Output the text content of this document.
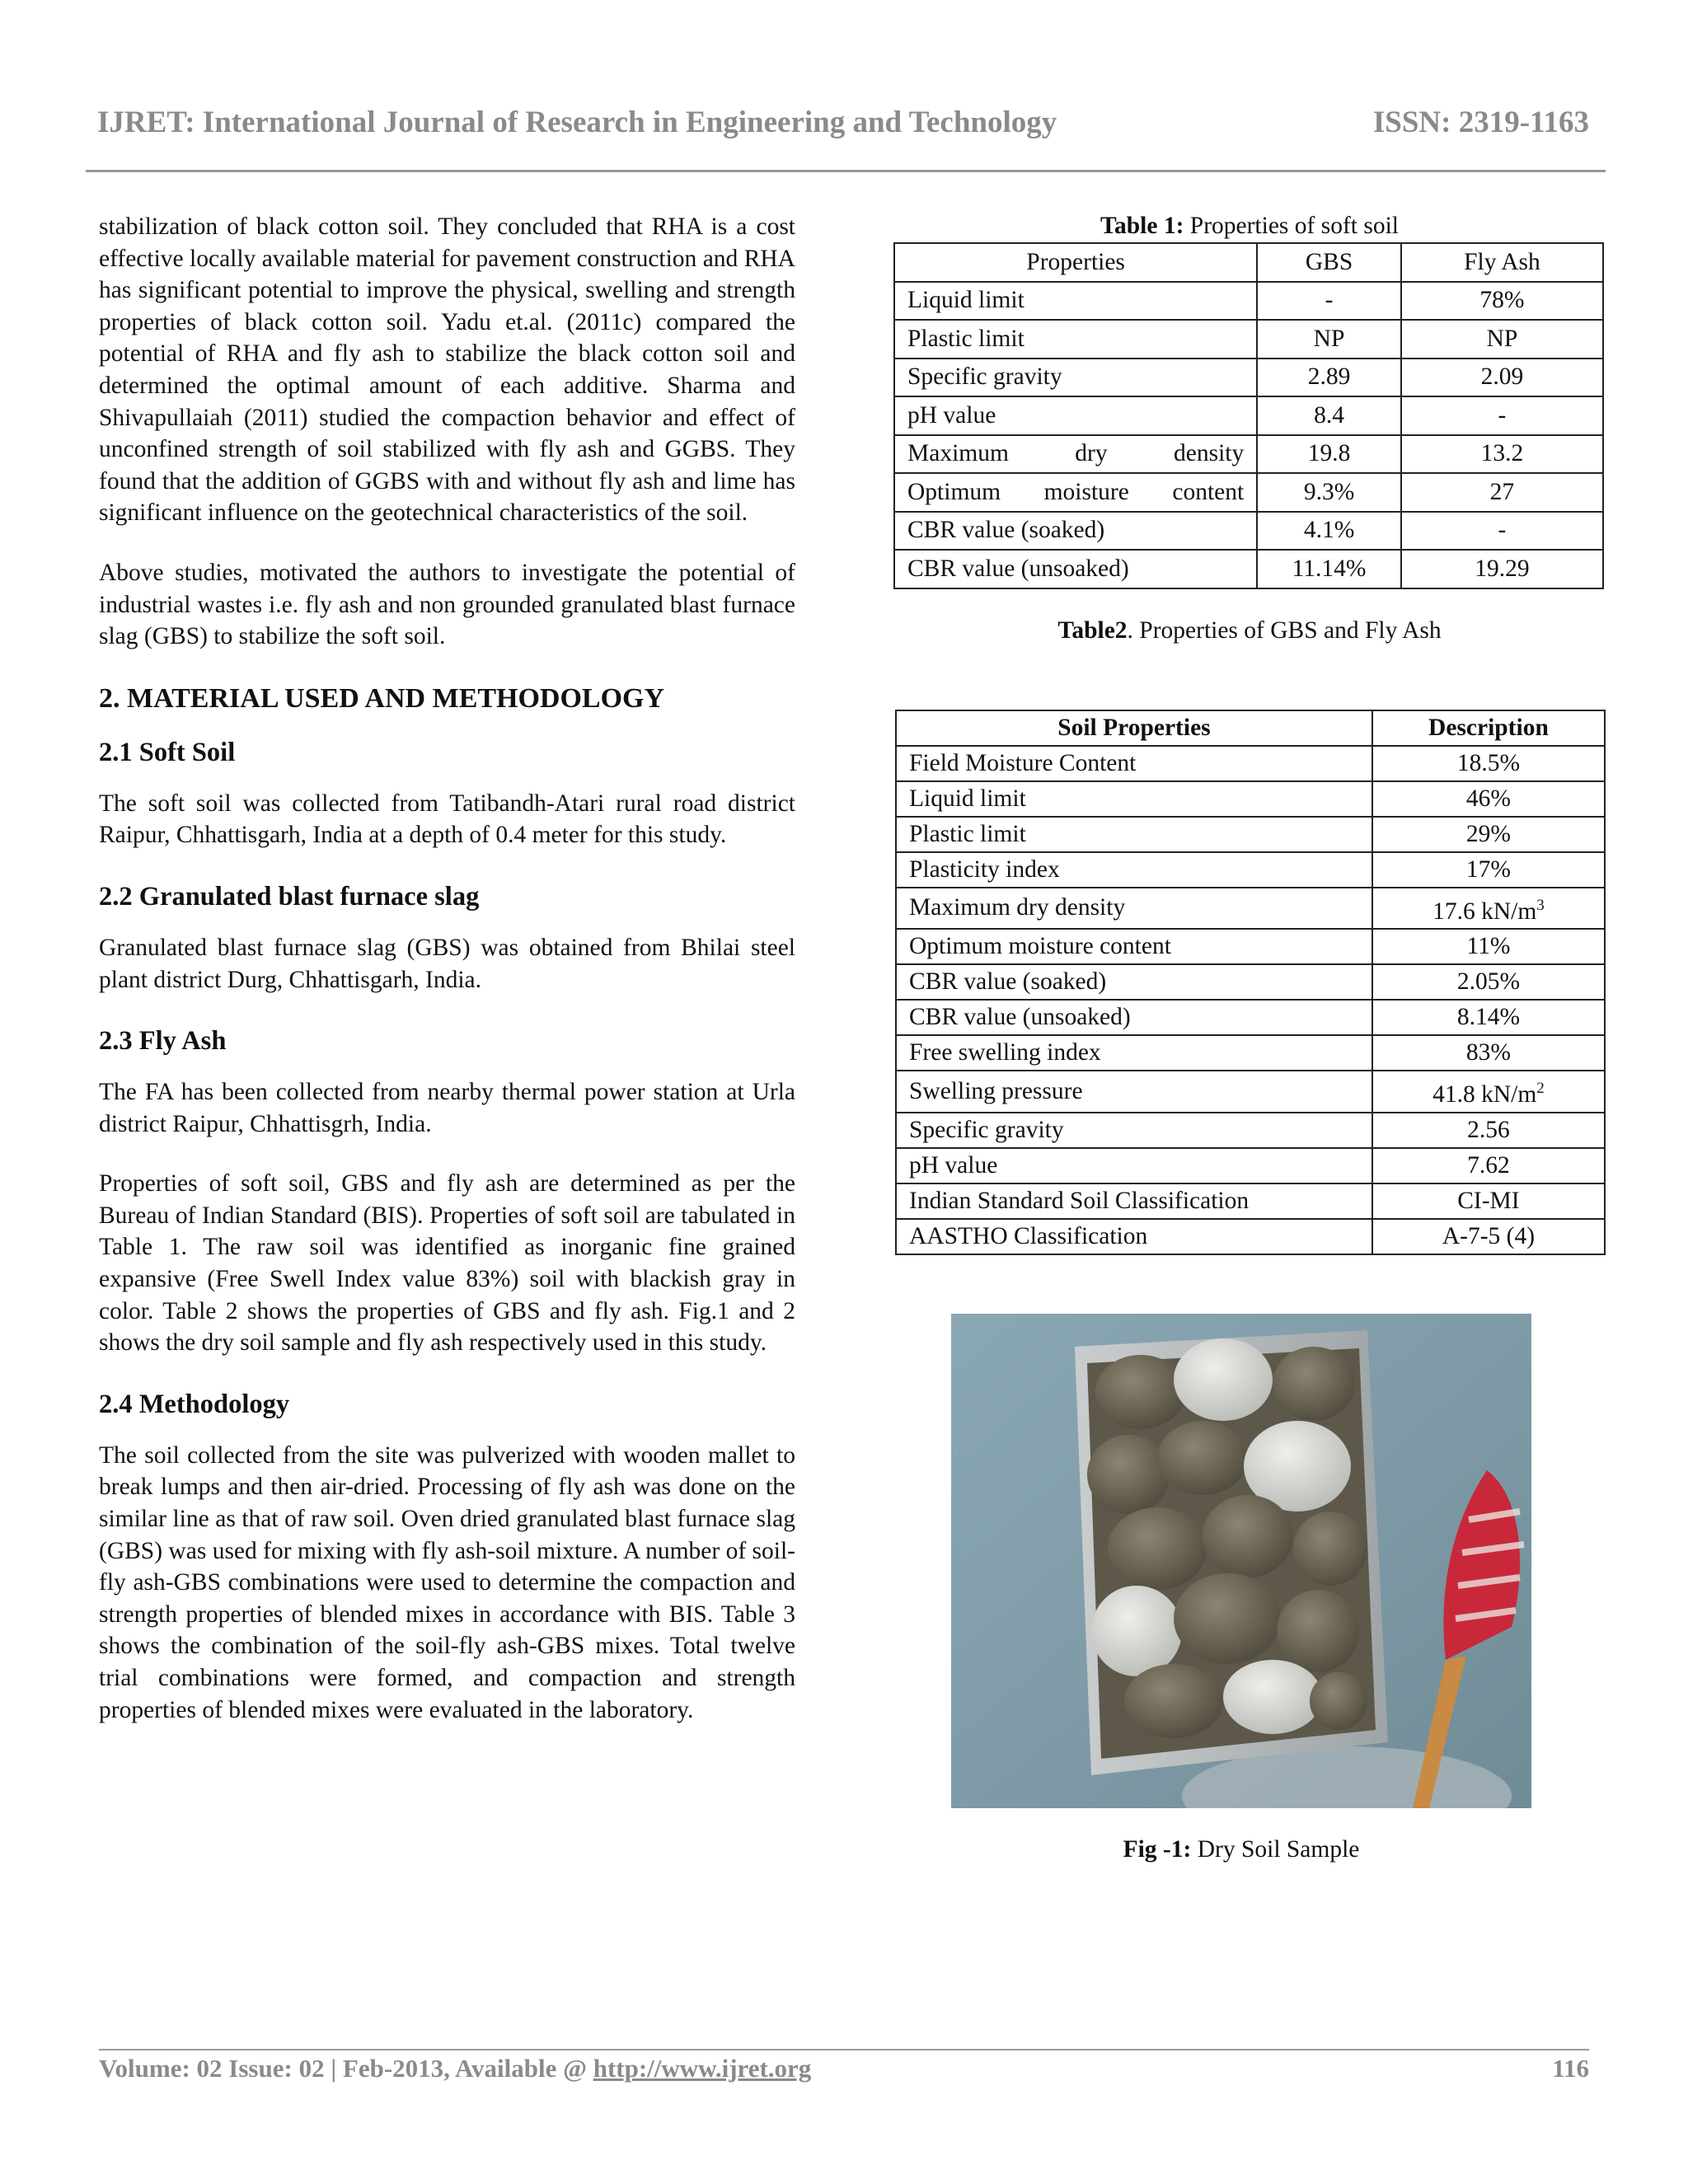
IJRET: International Journal of Research in Engineering and Technology	ISSN: 2319-1163

stabilization of black cotton soil. They concluded that RHA is a cost effective locally available material for pavement construction and RHA has significant potential to improve the physical, swelling and strength properties of black cotton soil. Yadu et.al. (2011c) compared the potential of RHA and fly ash to stabilize the black cotton soil and determined the optimal amount of each additive. Sharma and Shivapullaiah (2011) studied the compaction behavior and effect of unconfined strength of soil stabilized with fly ash and GGBS. They found that the addition of GGBS with and without fly ash and lime has significant influence on the geotechnical characteristics of the soil.

Above studies, motivated the authors to investigate the potential of industrial wastes i.e. fly ash and non grounded granulated blast furnace slag (GBS) to stabilize the soft soil.

2. MATERIAL USED AND METHODOLOGY
2.1 Soft Soil

The soft soil was collected from Tatibandh-Atari rural road district Raipur, Chhattisgarh, India at a depth of 0.4 meter for this study.

2.2 Granulated blast furnace slag

Granulated blast furnace slag (GBS) was obtained from Bhilai steel plant district Durg, Chhattisgarh, India.

2.3 Fly Ash

The FA has been collected from nearby thermal power station at Urla district Raipur, Chhattisgrh, India.

Properties of soft soil, GBS and fly ash are determined as per the Bureau of Indian Standard (BIS). Properties of soft soil are tabulated in Table 1. The raw soil was identified as inorganic fine grained expansive (Free Swell Index value 83%) soil with blackish gray in color. Table 2 shows the properties of GBS and fly ash. Fig.1 and 2 shows the dry soil sample and fly ash respectively used in this study.

2.4 Methodology

The soil collected from the site was pulverized with wooden mallet to break lumps and then air-dried. Processing of fly ash was done on the similar line as that of raw soil. Oven dried granulated blast furnace slag (GBS) was used for mixing with fly ash-soil mixture. A number of soil-fly ash-GBS combinations were used to determine the compaction and strength properties of blended mixes in accordance with BIS. Table 3 shows the combination of the soil-fly ash-GBS mixes. Total twelve trial combinations were formed, and compaction and strength properties of blended mixes were evaluated in the laboratory.

Table 1: Properties of soft soil
Properties	GBS	Fly Ash
Liquid limit	-	78%
Plastic limit	NP	NP
Specific gravity	2.89	2.09
pH value	8.4	-

Maximum dry density	19.8	13.2

Optimum moisture content	9.3%	27
CBR value (soaked)	4.1%	-
CBR value (unsoaked)	11.14%	19.29
Table2. Properties of GBS and Fly Ash
Soil Properties	Description
Field Moisture Content	18.5%
Liquid limit	46%
Plastic limit	29%
Plasticity index	17%
Maximum dry density	17.6 $kN/m^3$
Optimum moisture content	11%
CBR value (soaked)	2.05%
CBR value (unsoaked)	8.14%
Free swelling index	83%
Swelling pressure	41.8 $kN/m^2$
Specific gravity	2.56
pH value	7.62
Indian Standard Soil Classification	CI-MI
AASTHO Classification	A-7-5 (4)
Fig -1: Dry Soil Sample
Volume: 02 Issue: 02 | Feb-2013, Available @ http://www.ijret.org	116
